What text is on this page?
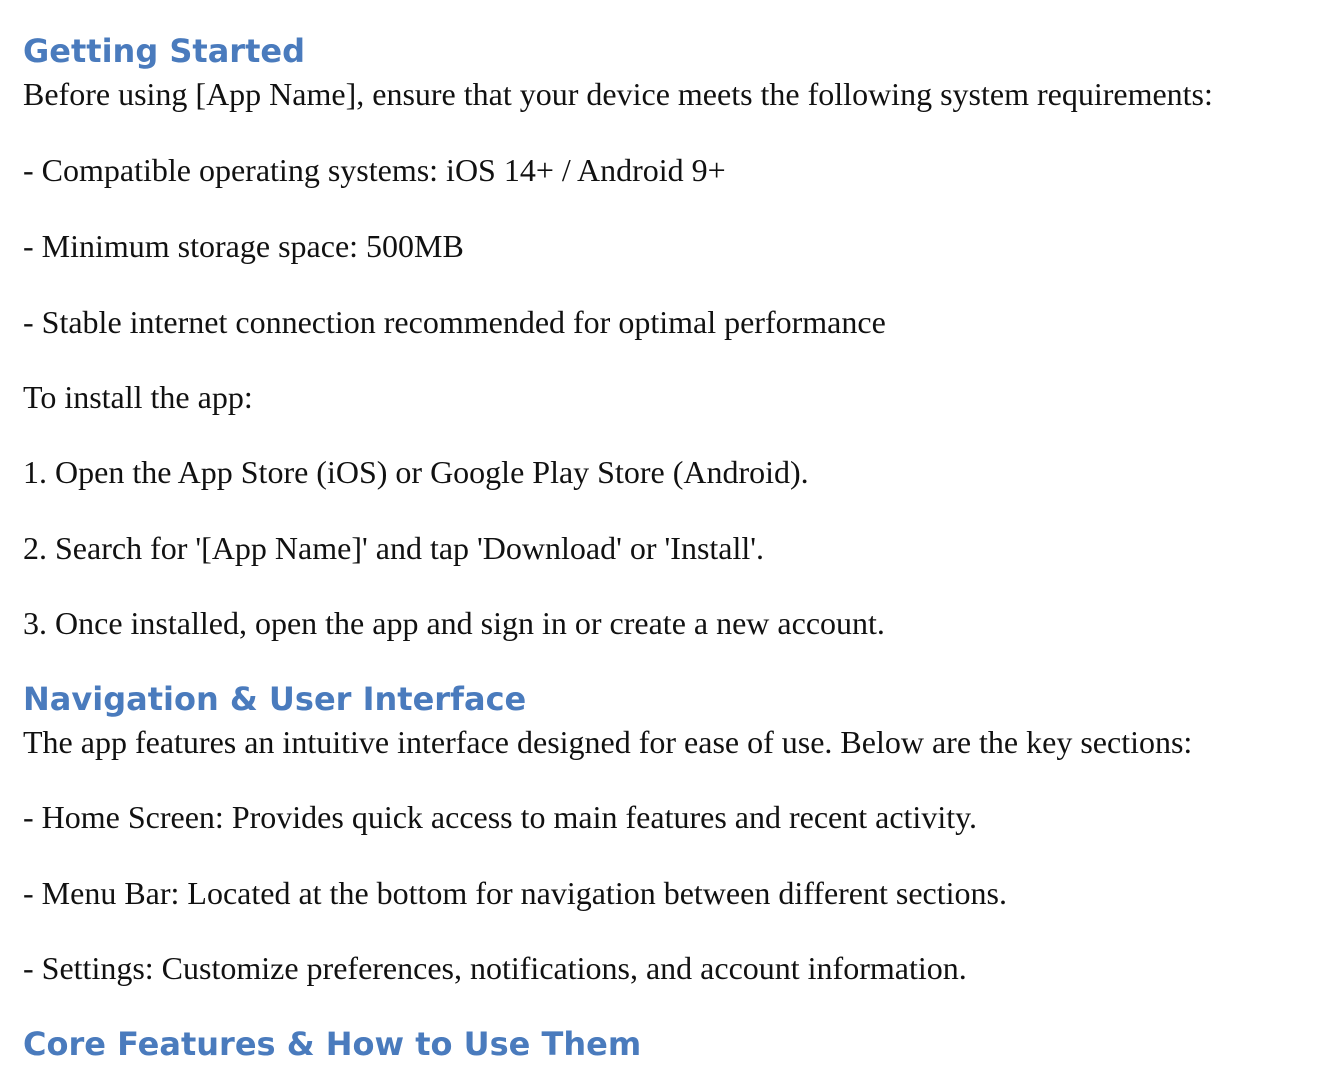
Getting Started

Before using [App Name], ensure that your device meets the following system requirements:

- Compatible operating systems: iOS 14+ / Android 9+

- Minimum storage space: 500MB

- Stable internet connection recommended for optimal performance

To install the app:

1. Open the App Store (iOS) or Google Play Store (Android).

2. Search for '[App Name]' and tap 'Download' or 'Install'.

3. Once installed, open the app and sign in or create a new account.

Navigation & User Interface

The app features an intuitive interface designed for ease of use. Below are the key sections:

- Home Screen: Provides quick access to main features and recent activity.

- Menu Bar: Located at the bottom for navigation between different sections.

- Settings: Customize preferences, notifications, and account information.

Core Features & How to Use Them
